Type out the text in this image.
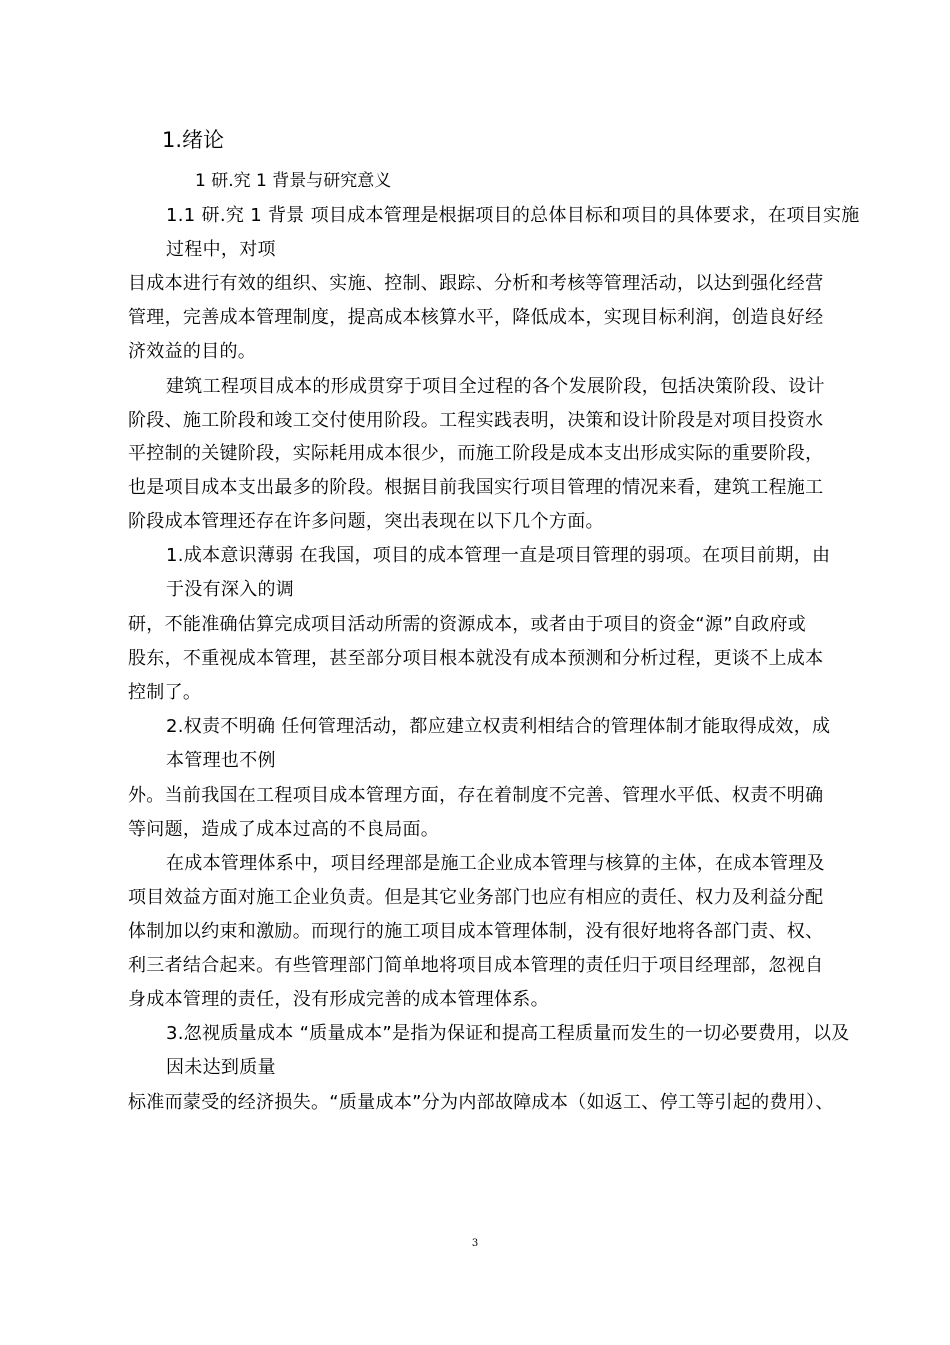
1.绪论
1 研.究 1 背景与研究意义
1.1 研.究 1 背景 项目成本管理是根据项目的总体目标和项目的具体要求，在项目实施
过程中，对项
目成本进行有效的组织、实施、控制、跟踪、分析和考核等管理活动，以达到强化经营
管理，完善成本管理制度，提高成本核算水平，降低成本，实现目标利润，创造良好经
济效益的目的。
建筑工程项目成本的形成贯穿于项目全过程的各个发展阶段，包括决策阶段、设计
阶段、施工阶段和竣工交付使用阶段。工程实践表明，决策和设计阶段是对项目投资水
平控制的关键阶段，实际耗用成本很少，而施工阶段是成本支出形成实际的重要阶段，
也是项目成本支出最多的阶段。根据目前我国实行项目管理的情况来看，建筑工程施工
阶段成本管理还存在许多问题，突出表现在以下几个方面。
1.成本意识薄弱 在我国，项目的成本管理一直是项目管理的弱项。在项目前期，由
于没有深入的调
研，不能准确估算完成项目活动所需的资源成本，或者由于项目的资金“源”自政府或
股东，不重视成本管理，甚至部分项目根本就没有成本预测和分析过程，更谈不上成本
控制了。
2.权责不明确 任何管理活动，都应建立权责利相结合的管理体制才能取得成效，成
本管理也不例
外。当前我国在工程项目成本管理方面，存在着制度不完善、管理水平低、权责不明确
等问题，造成了成本过高的不良局面。
在成本管理体系中，项目经理部是施工企业成本管理与核算的主体，在成本管理及
项目效益方面对施工企业负责。但是其它业务部门也应有相应的责任、权力及利益分配
体制加以约束和激励。而现行的施工项目成本管理体制，没有很好地将各部门责、权、
利三者结合起来。有些管理部门简单地将项目成本管理的责任归于项目经理部，忽视自
身成本管理的责任，没有形成完善的成本管理体系。
3.忽视质量成本 “质量成本”是指为保证和提高工程质量而发生的一切必要费用，以及
因未达到质量
标准而蒙受的经济损失。“质量成本”分为内部故障成本（如返工、停工等引起的费用）、
3
